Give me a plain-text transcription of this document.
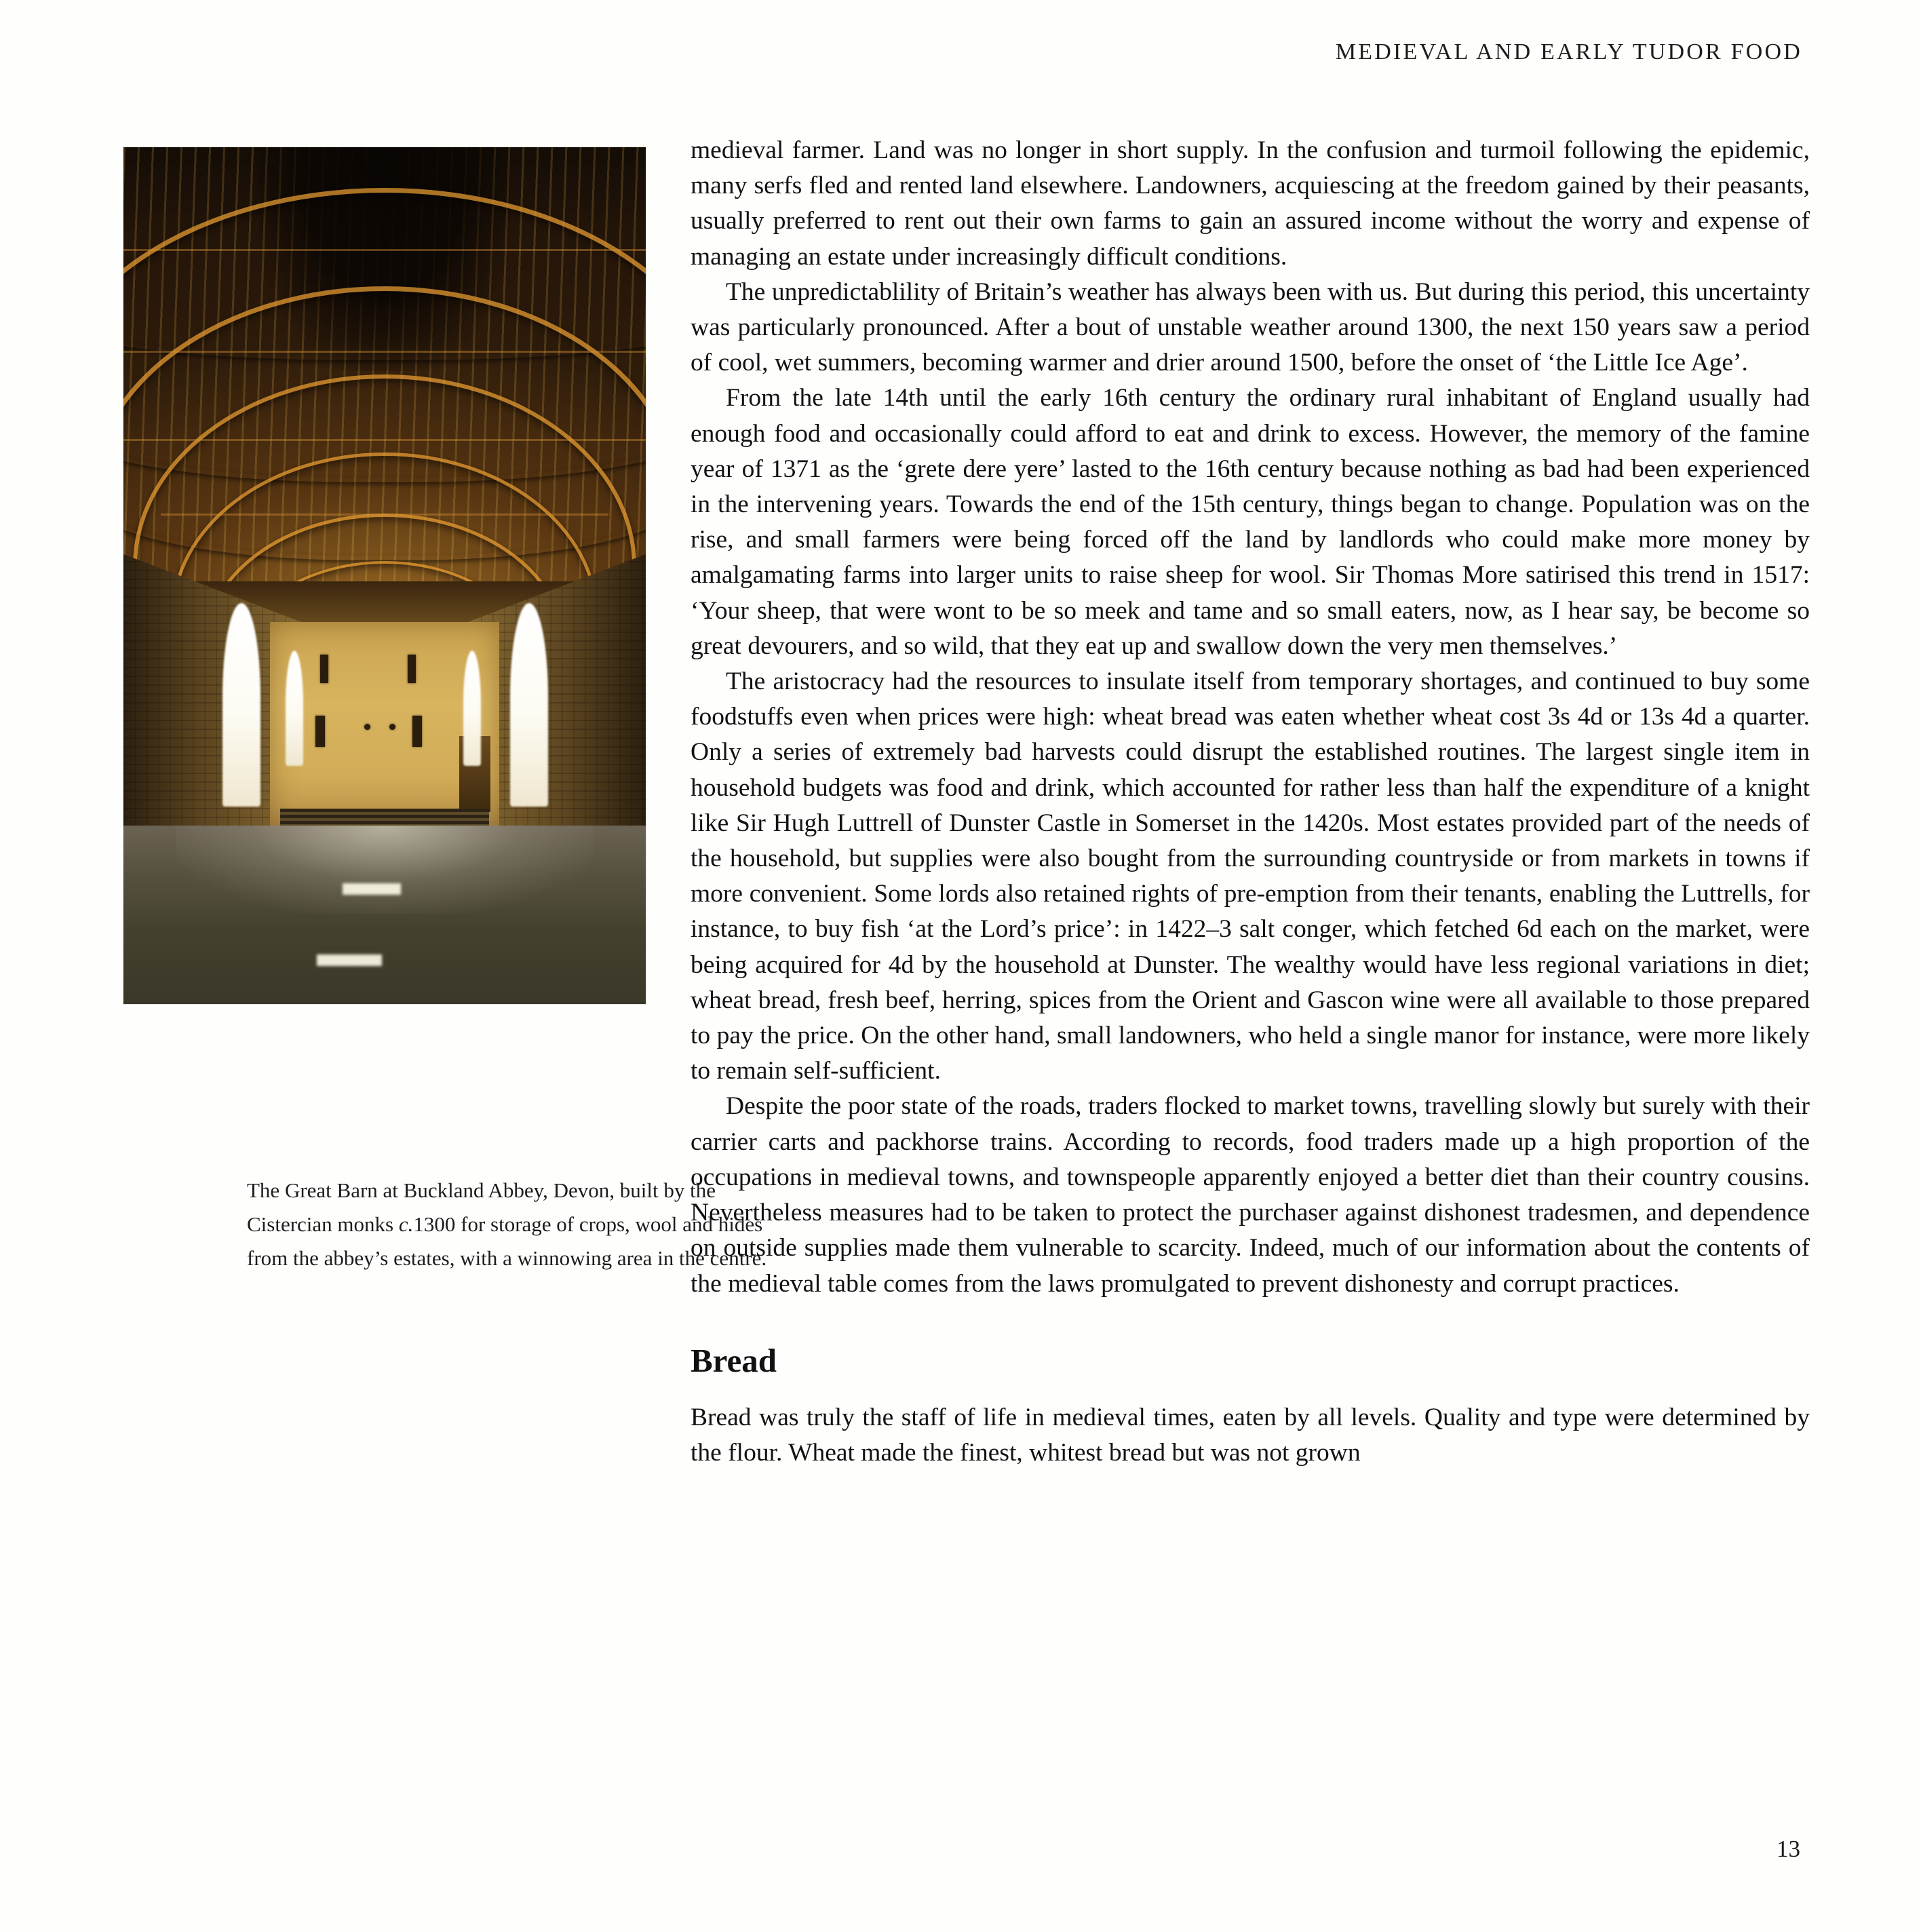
MEDIEVAL AND EARLY TUDOR FOOD
The Great Barn at Buckland Abbey, Devon, built by the Cistercian monks c.1300 for storage of crops, wool and hides from the abbey’s estates, with a winnowing area in the centre.

medieval farmer. Land was no longer in short supply. In the confusion and turmoil following the epidemic, many serfs fled and rented land elsewhere. Landowners, acquiescing at the freedom gained by their peasants, usually preferred to rent out their own farms to gain an assured income without the worry and expense of managing an estate under increasingly difficult conditions.

The unpredictablility of Britain’s weather has always been with us. But during this period, this uncertainty was particularly pronounced. After a bout of unstable weather around 1300, the next 150 years saw a period of cool, wet summers, becoming warmer and drier around 1500, before the onset of ‘the Little Ice Age’.

From the late 14th until the early 16th century the ordinary rural inhabitant of England usually had enough food and occasionally could afford to eat and drink to excess. However, the memory of the famine year of 1371 as the ‘grete dere yere’ lasted to the 16th century because nothing as bad had been experienced in the intervening years. Towards the end of the 15th century, things began to change. Population was on the rise, and small farmers were being forced off the land by landlords who could make more money by amalgamating farms into larger units to raise sheep for wool. Sir Thomas More satirised this trend in 1517: ‘Your sheep, that were wont to be so meek and tame and so small eaters, now, as I hear say, be become so great devourers, and so wild, that they eat up and swallow down the very men themselves.’

The aristocracy had the resources to insulate itself from temporary shortages, and continued to buy some foodstuffs even when prices were high: wheat bread was eaten whether wheat cost 3s 4d or 13s 4d a quarter. Only a series of extremely bad harvests could disrupt the established routines. The largest single item in household budgets was food and drink, which accounted for rather less than half the expenditure of a knight like Sir Hugh Luttrell of Dunster Castle in Somerset in the 1420s. Most estates provided part of the needs of the household, but supplies were also bought from the surrounding countryside or from markets in towns if more convenient. Some lords also retained rights of pre-emption from their tenants, enabling the Luttrells, for instance, to buy fish ‘at the Lord’s price’: in 1422–3 salt conger, which fetched 6d each on the market, were being acquired for 4d by the household at Dunster. The wealthy would have less regional variations in diet; wheat bread, fresh beef, herring, spices from the Orient and Gascon wine were all available to those prepared to pay the price. On the other hand, small landowners, who held a single manor for instance, were more likely to remain self-sufficient.

Despite the poor state of the roads, traders flocked to market towns, travelling slowly but surely with their carrier carts and packhorse trains. According to records, food traders made up a high proportion of the occupations in medieval towns, and townspeople apparently enjoyed a better diet than their country cousins. Nevertheless measures had to be taken to protect the purchaser against dishonest tradesmen, and dependence on outside supplies made them vulnerable to scarcity. Indeed, much of our information about the contents of the medieval table comes from the laws promulgated to prevent dishonesty and corrupt practices.

Bread

Bread was truly the staff of life in medieval times, eaten by all levels. Quality and type were determined by the flour. Wheat made the finest, whitest bread but was not grown

13
